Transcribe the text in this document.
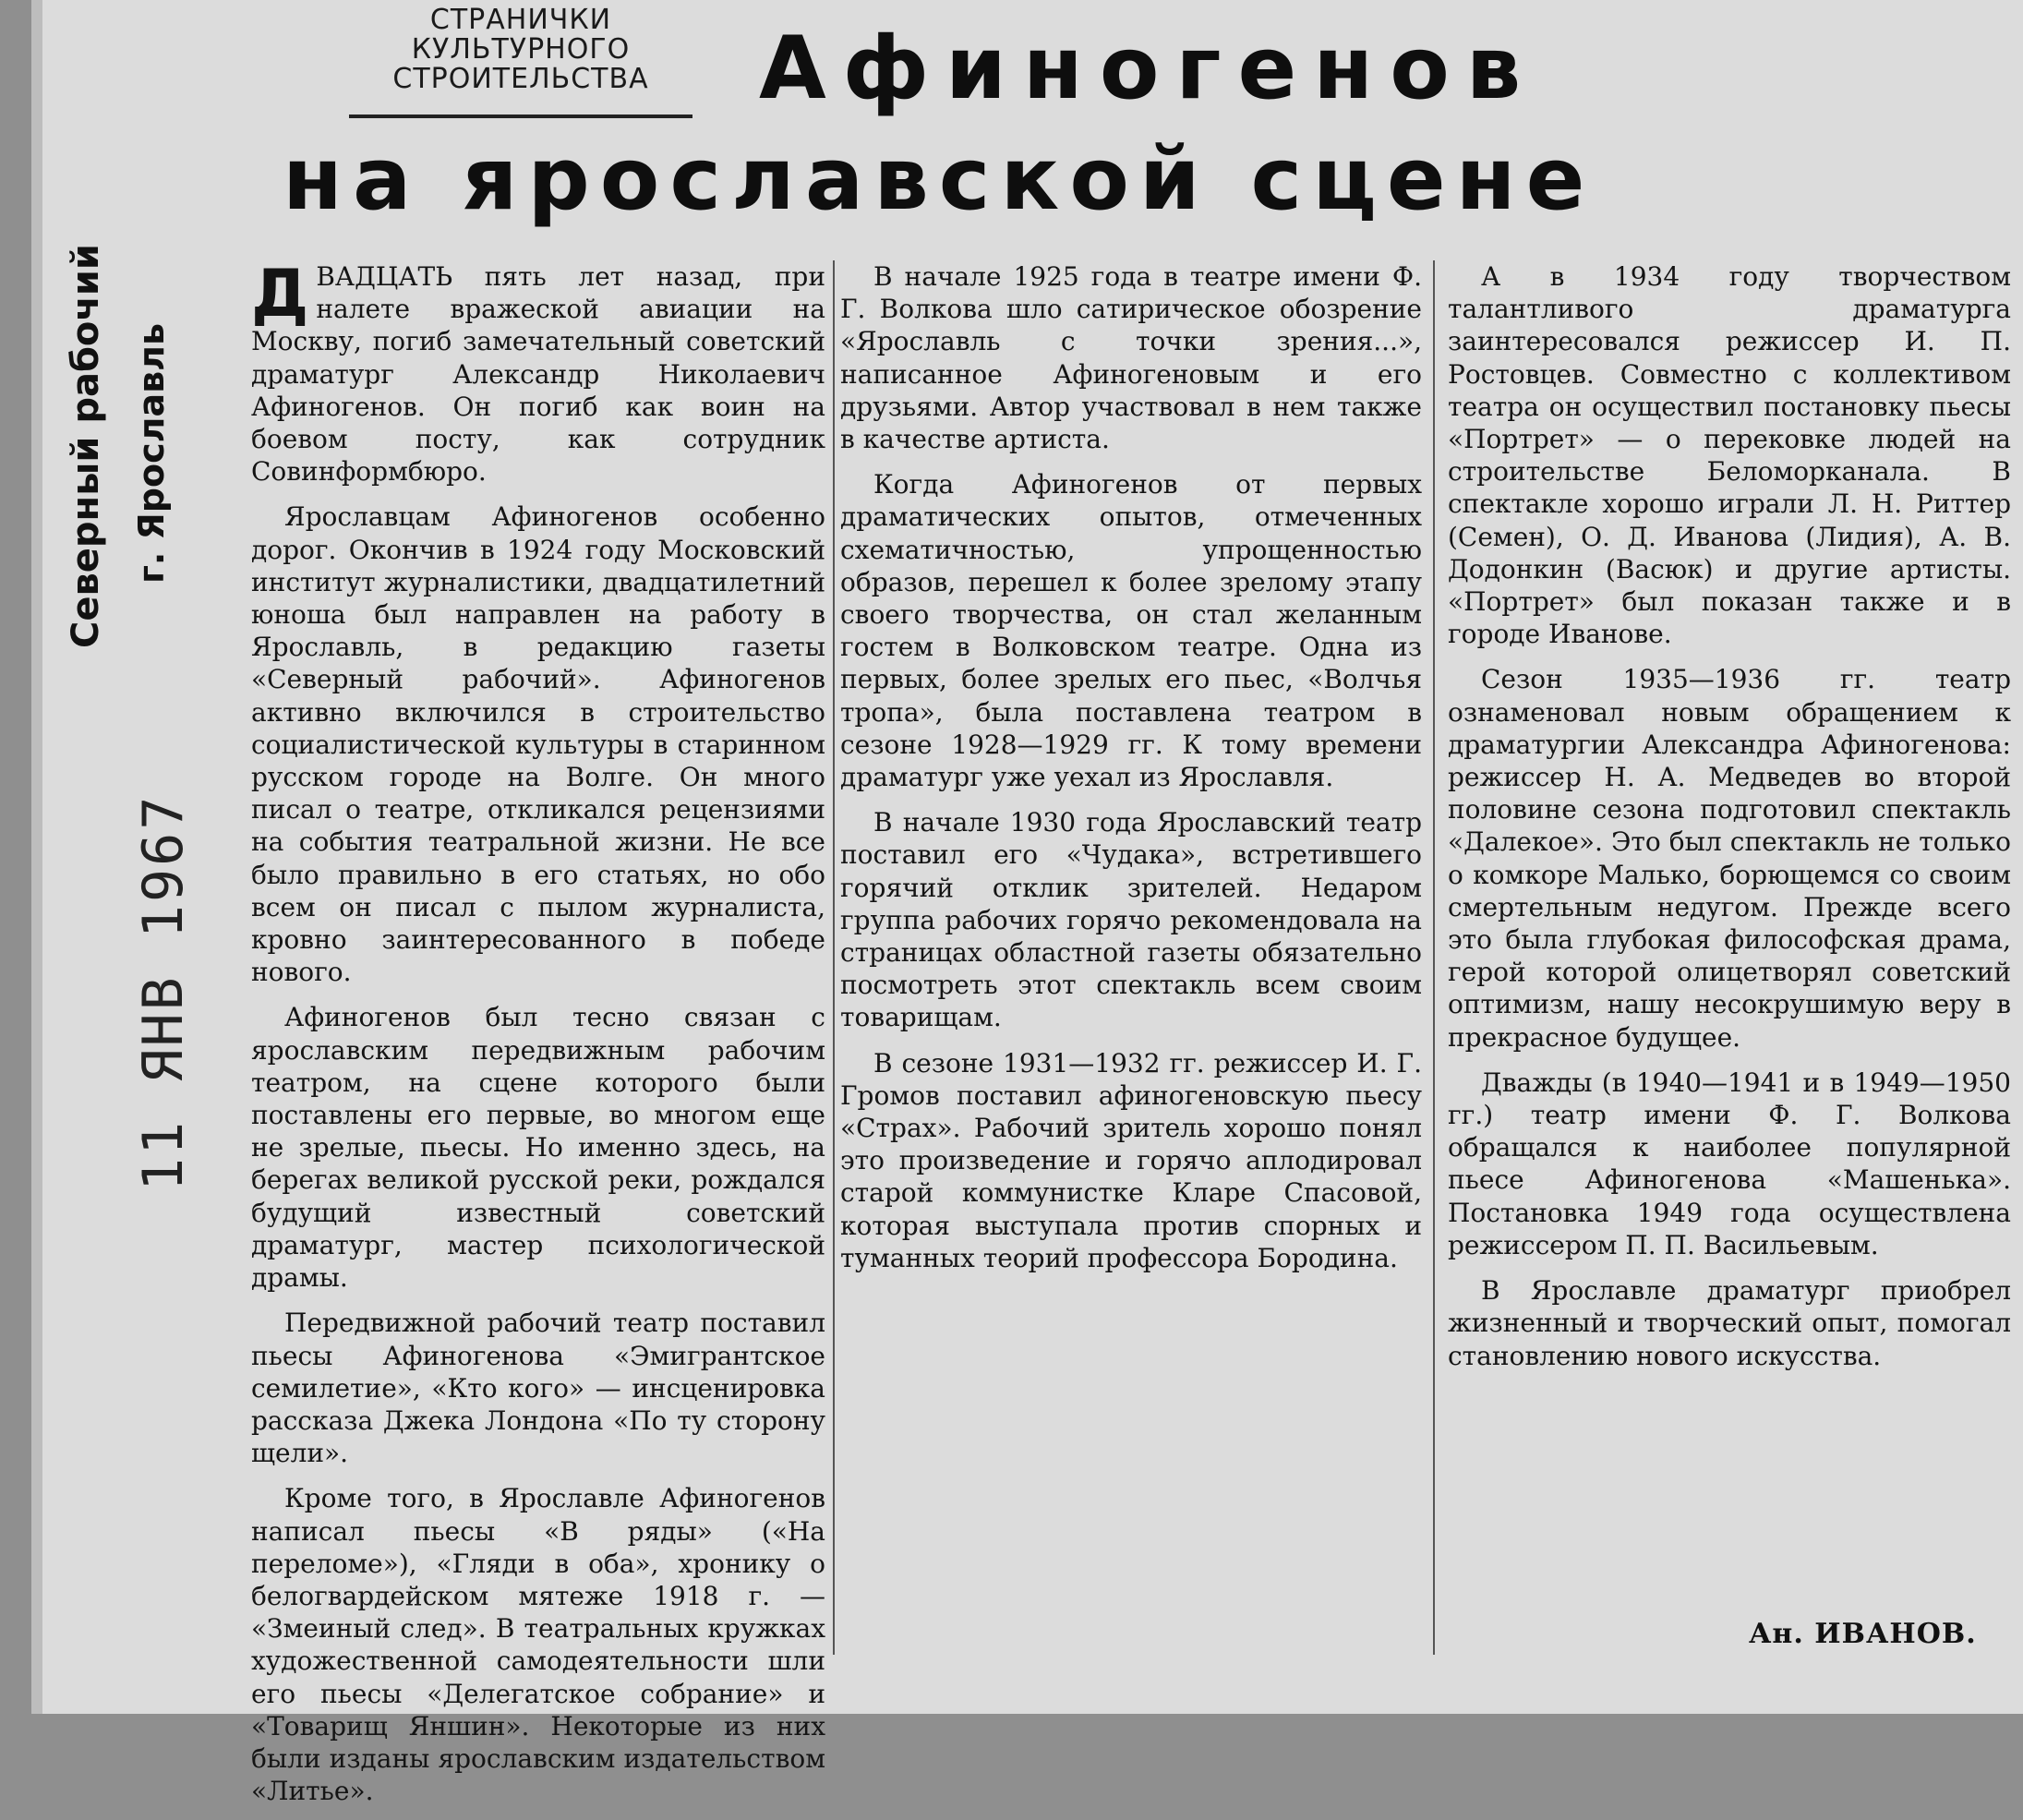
Северный рабочий г. Ярославль
11 ЯНВ 1967
СТРАНИЧКИ
КУЛЬТУРНОГО
СТРОИТЕЛЬСТВА	Афиногенов
на ярославской сцене

ДВАДЦАТЬ пять лет назад, при налете вражеской авиации на Москву, погиб замечательный советский драматург Александр Николаевич Афиногенов. Он погиб как воин на боевом посту, как сотрудник Совинформбюро.

Ярославцам Афиногенов особенно дорог. Окончив в 1924 году Московский институт журналистики, двадцатилетний юноша был направлен на работу в Ярославль, в редакцию газеты «Северный рабочий». Афиногенов активно включился в строительство социалистической культуры в старинном русском городе на Волге. Он много писал о театре, откликался рецензиями на события театральной жизни. Не все было правильно в его статьях, но обо всем он писал с пылом журналиста, кровно заинтересованного в победе нового.

Афиногенов был тесно связан с ярославским передвижным рабочим театром, на сцене которого были поставлены его первые, во многом еще не зрелые, пьесы. Но именно здесь, на берегах великой русской реки, рождался будущий известный советский драматург, мастер психологической драмы.

Передвижной рабочий театр поставил пьесы Афиногенова «Эмигрантское семилетие», «Кто кого» — инсценировка рассказа Джека Лондона «По ту сторону щели».

Кроме того, в Ярославле Афиногенов написал пьесы «В ряды» («На переломе»), «Гляди в оба», хронику о белогвардейском мятеже 1918 г. — «Змеиный след». В театральных кружках художественной самодеятельности шли его пьесы «Делегатское собрание» и «Товарищ Яншин». Некоторые из них были изданы ярославским издательством «Литье».

В начале 1925 года в театре имени Ф. Г. Волкова шло сатирическое обозрение «Ярославль с точки зрения...», написанное Афиногеновым и его друзьями. Автор участвовал в нем также в качестве артиста.

Когда Афиногенов от первых драматических опытов, отмеченных схематичностью, упрощенностью образов, перешел к более зрелому этапу своего творчества, он стал желанным гостем в Волковском театре. Одна из первых, более зрелых его пьес, «Волчья тропа», была поставлена театром в сезоне 1928—1929 гг. К тому времени драматург уже уехал из Ярославля.

В начале 1930 года Ярославский театр поставил его «Чудака», встретившего горячий отклик зрителей. Недаром группа рабочих горячо рекомендовала на страницах областной газеты обязательно посмотреть этот спектакль всем своим товарищам.

В сезоне 1931—1932 гг. режиссер И. Г. Громов поставил афиногеновскую пьесу «Страх». Рабочий зритель хорошо понял это произведение и горячо аплодировал старой коммунистке Кларе Спасовой, которая выступала против спорных и туманных теорий профессора Бородина.

А в 1934 году творчеством талантливого драматурга заинтересовался режиссер И. П. Ростовцев. Совместно с коллективом театра он осуществил постановку пьесы «Портрет» — о перековке людей на строительстве Беломорканала. В спектакле хорошо играли Л. Н. Риттер (Семен), О. Д. Иванова (Лидия), А. В. Додонкин (Васюк) и другие артисты. «Портрет» был показан также и в городе Иванове.

Сезон 1935—1936 гг. театр ознаменовал новым обращением к драматургии Александра Афиногенова: режиссер Н. А. Медведев во второй половине сезона подготовил спектакль «Далекое». Это был спектакль не только о комкоре Малько, борющемся со своим смертельным недугом. Прежде всего это была глубокая философская драма, герой которой олицетворял советский оптимизм, нашу несокрушимую веру в прекрасное будущее.

Дважды (в 1940—1941 и в 1949—1950 гг.) театр имени Ф. Г. Волкова обращался к наиболее популярной пьесе Афиногенова «Машенька». Постановка 1949 года осуществлена режиссером П. П. Васильевым.

В Ярославле драматург приобрел жизненный и творческий опыт, помогал становлению нового искусства.

Ан. ИВАНОВ.
